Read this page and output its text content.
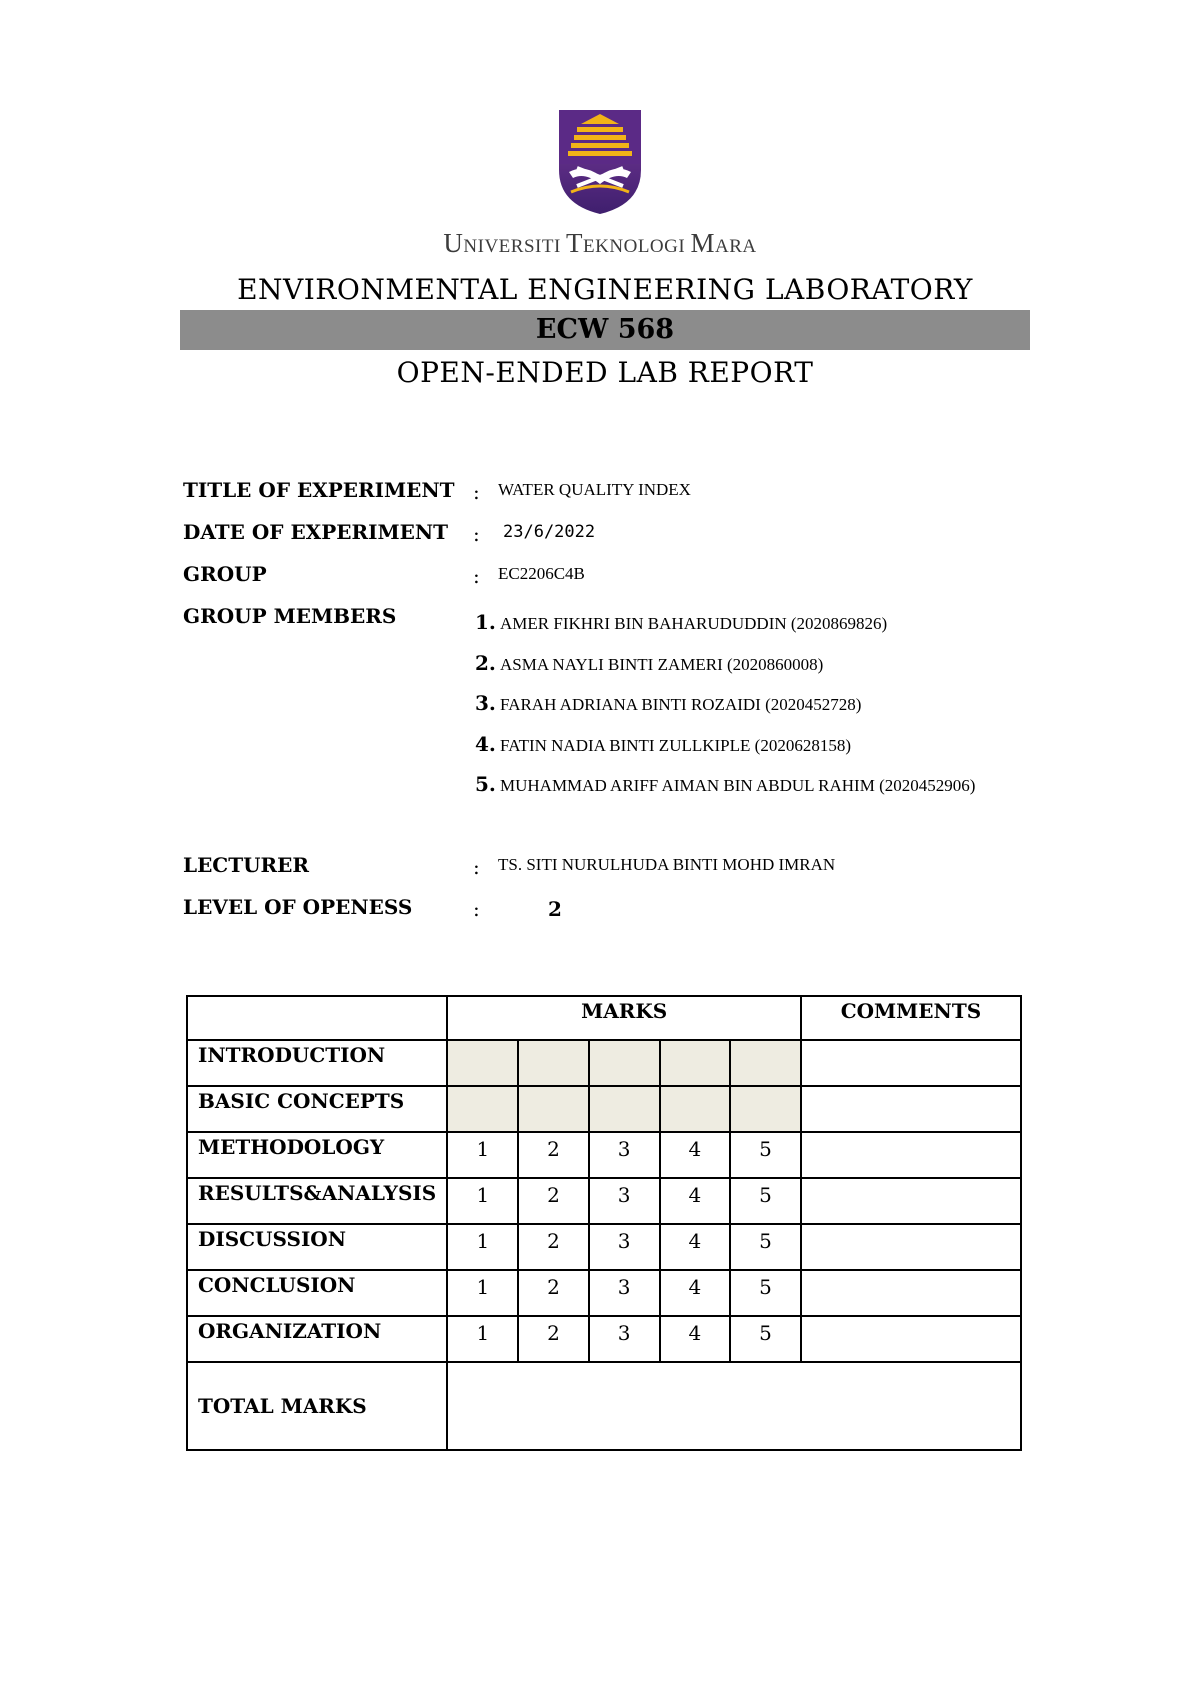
UNIVERSITI TEKNOLOGI MARA
ENVIRONMENTAL ENGINEERING LABORATORY
ECW 568
OPEN-ENDED LAB REPORT
TITLE OF EXPERIMENT : WATER QUALITY INDEX
DATE OF EXPERIMENT : 23/6/2022
GROUP	: EC2206C4B
GROUP MEMBERS	1. AMER FIKHRI BIN BAHARUDUDDIN (2020869826)
2. ASMA NAYLI BINTI ZAMERI (2020860008)
3. FARAH ADRIANA BINTI ROZAIDI (2020452728)
4. FATIN NADIA BINTI ZULLKIPLE (2020628158)
5. MUHAMMAD ARIFF AIMAN BIN ABDUL RAHIM (2020452906)
LECTURER	: TS. SITI NURULHUDA BINTI MOHD IMRAN
LEVEL OF OPENESS	:	2
	MARKS					COMMENTS
INTRODUCTION						
BASIC CONCEPTS						
METHODOLOGY	1	2	3	4	5	
RESULTS&ANALYSIS	1	2	3	4	5	
DISCUSSION	1	2	3	4	5	
CONCLUSION	1	2	3	4	5	
ORGANIZATION	1	2	3	4	5	
TOTAL MARKS						
